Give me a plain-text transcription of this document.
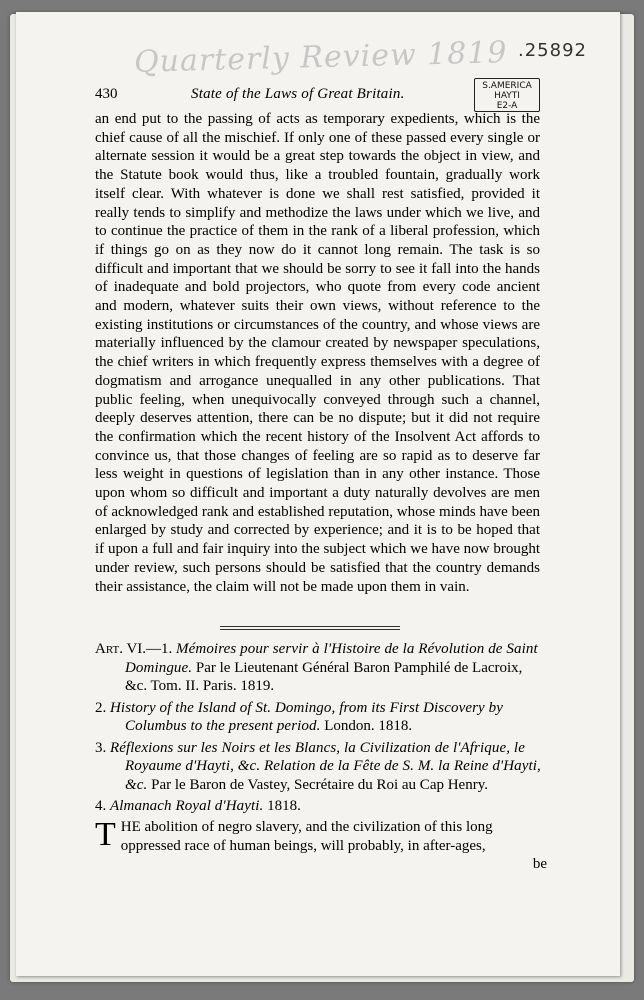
Quarterly Review 1819 .25892
S.AMERICA
HAYTI
E2-A
430	State of the Laws of Great Britain.

an end put to the passing of acts as temporary expedients, which is the chief cause of all the mischief. If only one of these passed every single or alternate session it would be a great step towards the object in view, and the Statute book would thus, like a troubled fountain, gradually work itself clear. With whatever is done we shall rest satisfied, provided it really tends to simplify and methodize the laws under which we live, and to continue the practice of them in the rank of a liberal profession, which if things go on as they now do it cannot long remain. The task is so difficult and important that we should be sorry to see it fall into the hands of inadequate and bold projectors, who quote from every code ancient and modern, whatever suits their own views, without reference to the existing institutions or circumstances of the country, and whose views are materially influenced by the clamour created by newspaper speculations, the chief writers in which frequently express themselves with a degree of dogmatism and arrogance unequalled in any other publications. That public feeling, when unequivocally conveyed through such a channel, deeply deserves attention, there can be no dispute; but it did not require the confirmation which the recent history of the Insolvent Act affords to convince us, that those changes of feeling are so rapid as to deserve far less weight in questions of legislation than in any other instance. Those upon whom so difficult and important a duty naturally devolves are men of acknowledged rank and established reputation, whose minds have been enlarged by study and corrected by experience; and it is to be hoped that if upon a full and fair inquiry into the subject which we have now brought under review, such persons should be satisfied that the country demands their assistance, the claim will not be made upon them in vain.

Art. VI.—1. Mémoires pour servir à l'Histoire de la Révolution de Saint Domingue. Par le Lieutenant Général Baron Pamphilé de Lacroix, &c. Tom. II. Paris. 1819.

2. History of the Island of St. Domingo, from its First Discovery by Columbus to the present period. London. 1818.

3. Réflexions sur les Noirs et les Blancs, la Civilization de l'Afrique, le Royaume d'Hayti, &c. Relation de la Fête de S. M. la Reine d'Hayti, &c. Par le Baron de Vastey, Secrétaire du Roi au Cap Henry.

4. Almanach Royal d'Hayti. 1818.

THE abolition of negro slavery, and the civilization of this long oppressed race of human beings, will probably, in after-ages,
be
